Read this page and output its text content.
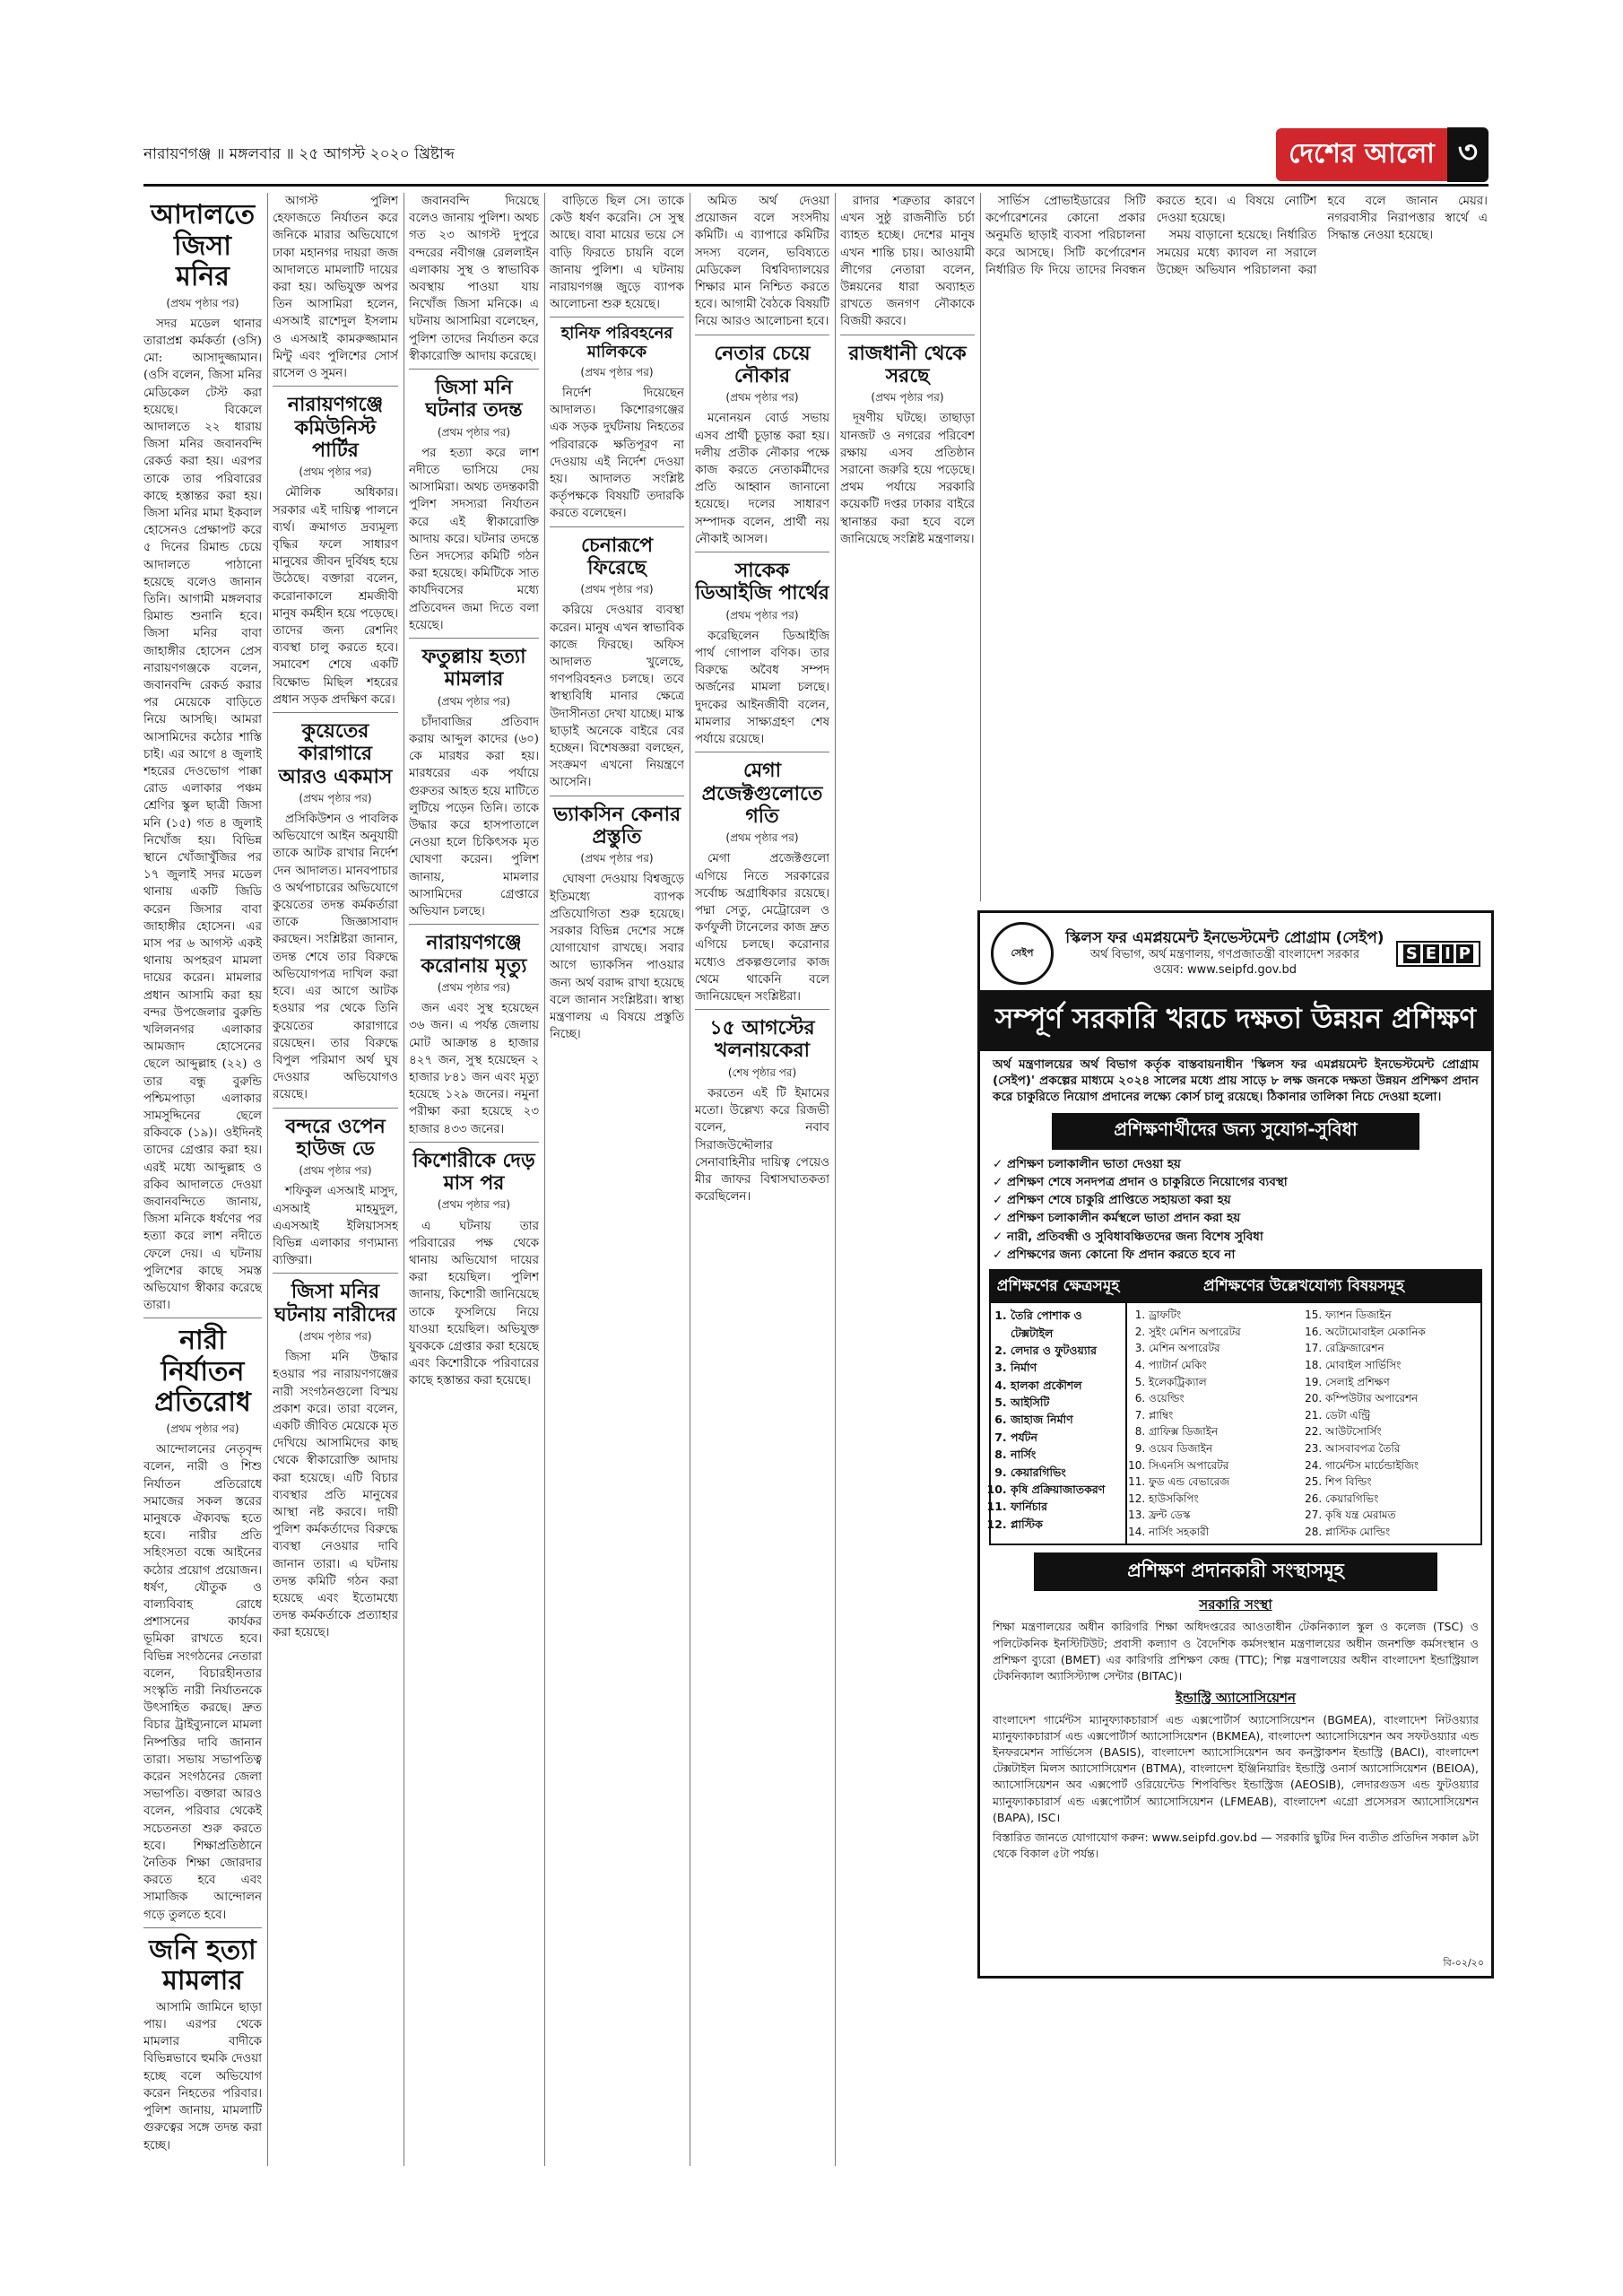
নারায়ণগঞ্জ ॥ মঙ্গলবার ॥ ২৫ আগস্ট ২০২০ খ্রিষ্টাব্দ	দেশের আলো ৩
আদালতে জিসা মনির
(প্রথম পৃষ্ঠার পর)

সদর মডেল থানার তারাপ্রশ্ন কর্মকর্তা (ওসি) মো: আসাদুজ্জামান। (ওসি বলেন, জিসা মনির মেডিকেল টেস্ট করা হয়েছে। বিকেলে আদালতে ২২ ধারায় জিসা মনির জবানবন্দি রেকর্ড করা হয়। এরপর তাকে তার পরিবারের কাছে হস্তান্তর করা হয়। জিসা মনির মামা ইকবাল হোসেনও প্রেক্ষাপট করে ৫ দিনের রিমান্ড চেয়ে আদালতে পাঠানো হয়েছে বলেও জানান তিনি। আগামী মঙ্গলবার রিমান্ড শুনানি হবে। জিসা মনির বাবা জাহাঙ্গীর হোসেন প্রেস নারায়ণগঞ্জকে বলেন, জবানবন্দি রেকর্ড করার পর মেয়েকে বাড়িতে নিয়ে আসছি। আমরা আসামিদের কঠোর শাস্তি চাই। এর আগে ৪ জুলাই শহরের দেওভোগ পাক্কা রোড এলাকার পঞ্চম শ্রেণির স্কুল ছাত্রী জিসা মনি (১৫) গত ৪ জুলাই নিখোঁজ হয়। বিভিন্ন স্থানে খোঁজাখুঁজির পর ১৭ জুলাই সদর মডেল থানায় একটি জিডি করেন জিসার বাবা জাহাঙ্গীর হোসেন। এর মাস পর ৬ আগস্ট একই থানায় অপহরণ মামলা দায়ের করেন। মামলার প্রধান আসামি করা হয় বন্দর উপজেলার বুরুন্ডি খলিলনগর এলাকার আমজাদ হোসেনের ছেলে আব্দুল্লাহ (২২) ও তার বন্ধু বুরুন্ডি পশ্চিমপাড়া এলাকার সামসুদ্দিনের ছেলে রকিবকে (১৯)। ওইদিনই তাদের গ্রেপ্তার করা হয়। এরই মধ্যে আব্দুল্লাহ ও রকিব আদালতে দেওয়া জবানবন্দিতে জানায়, জিসা মনিকে ধর্ষণের পর হত্যা করে লাশ নদীতে ফেলে দেয়। এ ঘটনায় পুলিশের কাছে সমস্ত অভিযোগ স্বীকার করেছে তারা।

নারী নির্যাতন প্রতিরোধ
(প্রথম পৃষ্ঠার পর)

আন্দোলনের নেতৃবৃন্দ বলেন, নারী ও শিশু নির্যাতন প্রতিরোধে সমাজের সকল স্তরের মানুষকে ঐক্যবদ্ধ হতে হবে। নারীর প্রতি সহিংসতা বন্ধে আইনের কঠোর প্রয়োগ প্রয়োজন। ধর্ষণ, যৌতুক ও বাল্যবিবাহ রোধে প্রশাসনের কার্যকর ভূমিকা রাখতে হবে। বিভিন্ন সংগঠনের নেতারা বলেন, বিচারহীনতার সংস্কৃতি নারী নির্যাতনকে উৎসাহিত করছে। দ্রুত বিচার ট্রাইব্যুনালে মামলা নিষ্পত্তির দাবি জানান তারা। সভায় সভাপতিত্ব করেন সংগঠনের জেলা সভাপতি। বক্তারা আরও বলেন, পরিবার থেকেই সচেতনতা শুরু করতে হবে। শিক্ষাপ্রতিষ্ঠানে নৈতিক শিক্ষা জোরদার করতে হবে এবং সামাজিক আন্দোলন গড়ে তুলতে হবে।

জনি হত্যা মামলার

আসামি জামিনে ছাড়া পায়। এরপর থেকে মামলার বাদীকে বিভিন্নভাবে হুমকি দেওয়া হচ্ছে বলে অভিযোগ করেন নিহতের পরিবার। পুলিশ জানায়, মামলাটি গুরুত্বের সঙ্গে তদন্ত করা হচ্ছে।

আগস্ট পুলিশ হেফাজতে নির্যাতন করে জনিকে মারার অভিযোগে ঢাকা মহানগর দায়রা জজ আদালতে মামলাটি দায়ের করা হয়। অভিযুক্ত অপর তিন আসামিরা হলেন, এসআই রাশেদুল ইসলাম ও এসআই কামরুজ্জামান মিন্টু এবং পুলিশের সোর্স রাসেল ও সুমন।

নারায়ণগঞ্জে কমিউনিস্ট পার্টির
(প্রথম পৃষ্ঠার পর)

মৌলিক অধিকার। সরকার এই দায়িত্ব পালনে ব্যর্থ। ক্রমাগত দ্রব্যমূল্য বৃদ্ধির ফলে সাধারণ মানুষের জীবন দুর্বিষহ হয়ে উঠেছে। বক্তারা বলেন, করোনাকালে শ্রমজীবী মানুষ কর্মহীন হয়ে পড়েছে। তাদের জন্য রেশনিং ব্যবস্থা চালু করতে হবে। সমাবেশ শেষে একটি বিক্ষোভ মিছিল শহরের প্রধান সড়ক প্রদক্ষিণ করে।

কুয়েতের কারাগারে আরও একমাস
(প্রথম পৃষ্ঠার পর)

প্রসিকিউশন ও পাবলিক অভিযোগে আইন অনুযায়ী তাকে আটক রাখার নির্দেশ দেন আদালত। মানবপাচার ও অর্থপাচারের অভিযোগে কুয়েতের তদন্ত কর্মকর্তারা তাকে জিজ্ঞাসাবাদ করছেন। সংশ্লিষ্টরা জানান, তদন্ত শেষে তার বিরুদ্ধে অভিযোগপত্র দাখিল করা হবে। এর আগে আটক হওয়ার পর থেকে তিনি কুয়েতের কারাগারে রয়েছেন। তার বিরুদ্ধে বিপুল পরিমাণ অর্থ ঘুষ দেওয়ার অভিযোগও রয়েছে।

বন্দরে ওপেন হাউজ ডে
(প্রথম পৃষ্ঠার পর)

শফিকুল এসআই মাসুদ, এসআই মাহমুদুল, এএসআই ইলিয়াসসহ বিভিন্ন এলাকার গণ্যমান্য ব্যক্তিরা।

জিসা মনির ঘটনায় নারীদের
(প্রথম পৃষ্ঠার পর)

জিসা মনি উদ্ধার হওয়ার পর নারায়ণগঞ্জের নারী সংগঠনগুলো বিস্ময় প্রকাশ করে। তারা বলেন, একটি জীবিত মেয়েকে মৃত দেখিয়ে আসামিদের কাছ থেকে স্বীকারোক্তি আদায় করা হয়েছে। এটি বিচার ব্যবস্থার প্রতি মানুষের আস্থা নষ্ট করবে। দায়ী পুলিশ কর্মকর্তাদের বিরুদ্ধে ব্যবস্থা নেওয়ার দাবি জানান তারা। এ ঘটনায় তদন্ত কমিটি গঠন করা হয়েছে এবং ইতোমধ্যে তদন্ত কর্মকর্তাকে প্রত্যাহার করা হয়েছে।

জবানবন্দি দিয়েছে বলেও জানায় পুলিশ। অথচ গত ২৩ আগস্ট দুপুরে বন্দরের নবীগঞ্জ রেললাইন এলাকায় সুস্থ ও স্বাভাবিক অবস্থায় পাওয়া যায় নিখোঁজ জিসা মনিকে। এ ঘটনায় আসামিরা বলেছেন, পুলিশ তাদের নির্যাতন করে স্বীকারোক্তি আদায় করেছে।

জিসা মনি ঘটনার তদন্ত
(প্রথম পৃষ্ঠার পর)

পর হত্যা করে লাশ নদীতে ভাসিয়ে দেয় আসামিরা। অথচ তদন্তকারী পুলিশ সদস্যরা নির্যাতন করে এই স্বীকারোক্তি আদায় করে। ঘটনার তদন্তে তিন সদস্যের কমিটি গঠন করা হয়েছে। কমিটিকে সাত কার্যদিবসের মধ্যে প্রতিবেদন জমা দিতে বলা হয়েছে।

ফতুল্লায় হত্যা মামলার
(প্রথম পৃষ্ঠার পর)

চাঁদাবাজির প্রতিবাদ করায় আব্দুল কাদের (৬০) কে মারধর করা হয়। মারধরের এক পর্যায়ে গুরুতর আহত হয়ে মাটিতে লুটিয়ে পড়েন তিনি। তাকে উদ্ধার করে হাসপাতালে নেওয়া হলে চিকিৎসক মৃত ঘোষণা করেন। পুলিশ জানায়, মামলার আসামিদের গ্রেপ্তারে অভিযান চলছে।

নারায়ণগঞ্জে করোনায় মৃত্যু
(প্রথম পৃষ্ঠার পর)

জন এবং সুস্থ হয়েছেন ৩৬ জন। এ পর্যন্ত জেলায় মোট আক্রান্ত ৪ হাজার ৪২৭ জন, সুস্থ হয়েছেন ২ হাজার ৮৪১ জন এবং মৃত্যু হয়েছে ১২৯ জনের। নমুনা পরীক্ষা করা হয়েছে ২৩ হাজার ৪৩৩ জনের।

কিশোরীকে দেড় মাস পর
(প্রথম পৃষ্ঠার পর)

এ ঘটনায় তার পরিবারের পক্ষ থেকে থানায় অভিযোগ দায়ের করা হয়েছিল। পুলিশ জানায়, কিশোরী জানিয়েছে তাকে ফুসলিয়ে নিয়ে যাওয়া হয়েছিল। অভিযুক্ত যুবককে গ্রেপ্তার করা হয়েছে এবং কিশোরীকে পরিবারের কাছে হস্তান্তর করা হয়েছে।

বাড়িতে ছিল সে। তাকে কেউ ধর্ষণ করেনি। সে সুস্থ আছে। বাবা মায়ের ভয়ে সে বাড়ি ফিরতে চায়নি বলে জানায় পুলিশ। এ ঘটনায় নারায়ণগঞ্জ জুড়ে ব্যাপক আলোচনা শুরু হয়েছে।

হানিফ পরিবহনের মালিককে
(প্রথম পৃষ্ঠার পর)

নির্দেশ দিয়েছেন আদালত। কিশোরগঞ্জের এক সড়ক দুর্ঘটনায় নিহতের পরিবারকে ক্ষতিপূরণ না দেওয়ায় এই নির্দেশ দেওয়া হয়। আদালত সংশ্লিষ্ট কর্তৃপক্ষকে বিষয়টি তদারকি করতে বলেছেন।

চেনারূপে ফিরেছে
(প্রথম পৃষ্ঠার পর)

করিয়ে দেওয়ার ব্যবস্থা করেন। মানুষ এখন স্বাভাবিক কাজে ফিরছে। অফিস আদালত খুলেছে, গণপরিবহনও চলছে। তবে স্বাস্থ্যবিধি মানার ক্ষেত্রে উদাসীনতা দেখা যাচ্ছে। মাস্ক ছাড়াই অনেকে বাইরে বের হচ্ছেন। বিশেষজ্ঞরা বলছেন, সংক্রমণ এখনো নিয়ন্ত্রণে আসেনি।

ভ্যাকসিন কেনার প্রস্তুতি
(প্রথম পৃষ্ঠার পর)

ঘোষণা দেওয়ায় বিশ্বজুড়ে ইতিমধ্যে ব্যাপক প্রতিযোগিতা শুরু হয়েছে। সরকার বিভিন্ন দেশের সঙ্গে যোগাযোগ রাখছে। সবার আগে ভ্যাকসিন পাওয়ার জন্য অর্থ বরাদ্দ রাখা হয়েছে বলে জানান সংশ্লিষ্টরা। স্বাস্থ্য মন্ত্রণালয় এ বিষয়ে প্রস্তুতি নিচ্ছে।

অমিত অর্থ দেওয়া প্রয়োজন বলে সংসদীয় কমিটি। এ ব্যাপারে কমিটির সদস্য বলেন, ভবিষ্যতে মেডিকেল বিশ্ববিদ্যালয়ের শিক্ষার মান নিশ্চিত করতে হবে। আগামী বৈঠকে বিষয়টি নিয়ে আরও আলোচনা হবে।

নেতার চেয়ে নৌকার
(প্রথম পৃষ্ঠার পর)

মনোনয়ন বোর্ড সভায় এসব প্রার্থী চূড়ান্ত করা হয়। দলীয় প্রতীক নৌকার পক্ষে কাজ করতে নেতাকর্মীদের প্রতি আহ্বান জানানো হয়েছে। দলের সাধারণ সম্পাদক বলেন, প্রার্থী নয় নৌকাই আসল।

সাকেক ডিআইজি পার্থের
(প্রথম পৃষ্ঠার পর)

করেছিলেন ডিআইজি পার্থ গোপাল বণিক। তার বিরুদ্ধে অবৈধ সম্পদ অর্জনের মামলা চলছে। দুদকের আইনজীবী বলেন, মামলার সাক্ষ্যগ্রহণ শেষ পর্যায়ে রয়েছে।

মেগা প্রজেক্টগুলোতে গতি
(প্রথম পৃষ্ঠার পর)

মেগা প্রজেক্টগুলো এগিয়ে নিতে সরকারের সর্বোচ্চ অগ্রাধিকার রয়েছে। পদ্মা সেতু, মেট্রোরেল ও কর্ণফুলী টানেলের কাজ দ্রুত এগিয়ে চলছে। করোনার মধ্যেও প্রকল্পগুলোর কাজ থেমে থাকেনি বলে জানিয়েছেন সংশ্লিষ্টরা।

১৫ আগস্টের খলনায়কেরা
(শেষ পৃষ্ঠার পর)

করতেন এই টি ইমামের মতো। উল্লেখ্য করে রিজভী বলেন, নবাব সিরাজউদ্দৌলার সেনাবাহিনীর দায়িত্ব পেয়েও মীর জাফর বিশ্বাসঘাতকতা করেছিলেন।

রাদার শত্রুতার কারণে এখন সুষ্ঠু রাজনীতি চর্চা ব্যাহত হচ্ছে। দেশের মানুষ এখন শান্তি চায়। আওয়ামী লীগের নেতারা বলেন, উন্নয়নের ধারা অব্যাহত রাখতে জনগণ নৌকাকে বিজয়ী করবে।

রাজধানী থেকে সরছে
(প্রথম পৃষ্ঠার পর)

দূষণীয় ঘটছে। তাছাড়া যানজট ও নগরের পরিবেশ রক্ষায় এসব প্রতিষ্ঠান সরানো জরুরি হয়ে পড়েছে। প্রথম পর্যায়ে সরকারি কয়েকটি দপ্তর ঢাকার বাইরে স্থানান্তর করা হবে বলে জানিয়েছে সংশ্লিষ্ট মন্ত্রণালয়।

সার্ভিস প্রোভাইডারের সিটি কর্পোরেশনের কোনো প্রকার অনুমতি ছাড়াই ব্যবসা পরিচালনা করে আসছে। সিটি কর্পোরেশন নির্ধারিত ফি দিয়ে তাদের নিবন্ধন করতে হবে। এ বিষয়ে নোটিশ দেওয়া হয়েছে।

সময় বাড়ানো হয়েছে। নির্ধারিত সময়ের মধ্যে ক্যাবল না সরালে উচ্ছেদ অভিযান পরিচালনা করা হবে বলে জানান মেয়র। নগরবাসীর নিরাপত্তার স্বার্থে এ সিদ্ধান্ত নেওয়া হয়েছে।

সেইপ
স্কিলস ফর এমপ্লয়মেন্ট ইনভেস্টমেন্ট প্রোগ্রাম (সেইপ)
অর্থ বিভাগ, অর্থ মন্ত্রণালয়, গণপ্রজাতন্ত্রী বাংলাদেশ সরকার
ওয়েব: www.seipfd.gov.bd
S E I P
সম্পূর্ণ সরকারি খরচে দক্ষতা উন্নয়ন প্রশিক্ষণ
অর্থ মন্ত্রণালয়ের অর্থ বিভাগ কর্তৃক বাস্তবায়নাধীন 'স্কিলস ফর এমপ্লয়মেন্ট ইনভেস্টমেন্ট প্রোগ্রাম (সেইপ)' প্রকল্পের মাধ্যমে ২০২৪ সালের মধ্যে প্রায় সাড়ে ৮ লক্ষ জনকে দক্ষতা উন্নয়ন প্রশিক্ষণ প্রদান করে চাকুরিতে নিয়োগ প্রদানের লক্ষ্যে কোর্স চালু রয়েছে। ঠিকানার তালিকা নিচে দেওয়া হলো।
প্রশিক্ষণার্থীদের জন্য সুযোগ-সুবিধা
✓ প্রশিক্ষণ চলাকালীন ভাতা দেওয়া হয়
✓ প্রশিক্ষণ শেষে সনদপত্র প্রদান ও চাকুরিতে নিয়োগের ব্যবস্থা
✓ প্রশিক্ষণ শেষে চাকুরি প্রাপ্তিতে সহায়তা করা হয়
✓ প্রশিক্ষণ চলাকালীন কর্মস্থলে ভাতা প্রদান করা হয়
✓ নারী, প্রতিবন্ধী ও সুবিধাবঞ্চিতদের জন্য বিশেষ সুবিধা
✓ প্রশিক্ষণের জন্য কোনো ফি প্রদান করতে হবে না
প্রশিক্ষণের ক্ষেত্রসমূহ
1. তৈরি পোশাক ও টেক্সটাইল
2. লেদার ও ফুটওয়্যার
3. নির্মাণ
4. হালকা প্রকৌশল
5. আইসিটি
6. জাহাজ নির্মাণ
7. পর্যটন
8. নার্সিং
9. কেয়ারগিভিং
10. কৃষি প্রক্রিয়াজাতকরণ
11. ফার্নিচার
12. প্লাস্টিক
প্রশিক্ষণের উল্লেখযোগ্য বিষয়সমূহ
1. ড্রাফটিং
2. সুইং মেশিন অপারেটর
3. মেশিন অপারেটর
4. প্যাটার্ন মেকিং
5. ইলেকট্রিক্যাল
6. ওয়েল্ডিং
7. প্লাম্বিং
8. গ্রাফিক্স ডিজাইন
9. ওয়েব ডিজাইন
10. সিএনসি অপারেটর
11. ফুড এন্ড বেভারেজ
12. হাউসকিপিং
13. ফ্রন্ট ডেস্ক
14. নার্সিং সহকারী
15. ফ্যাশন ডিজাইন
16. অটোমোবাইল মেকানিক
17. রেফ্রিজারেশন
18. মোবাইল সার্ভিসিং
19. সেলাই প্রশিক্ষণ
20. কম্পিউটার অপারেশন
21. ডেটা এন্ট্রি
22. আউটসোর্সিং
23. আসবাবপত্র তৈরি
24. গার্মেন্টস মার্চেন্ডাইজিং
25. শিপ বিল্ডিং
26. কেয়ারগিভিং
27. কৃষি যন্ত্র মেরামত
28. প্লাস্টিক মোল্ডিং
প্রশিক্ষণ প্রদানকারী সংস্থাসমূহ
সরকারি সংস্থা

শিক্ষা মন্ত্রণালয়ের অধীন কারিগরি শিক্ষা অধিদপ্তরের আওতাধীন টেকনিক্যাল স্কুল ও কলেজ (TSC) ও পলিটেকনিক ইনস্টিটিউট; প্রবাসী কল্যাণ ও বৈদেশিক কর্মসংস্থান মন্ত্রণালয়ের অধীন জনশক্তি কর্মসংস্থান ও প্রশিক্ষণ ব্যুরো (BMET) এর কারিগরি প্রশিক্ষণ কেন্দ্র (TTC); শিল্প মন্ত্রণালয়ের অধীন বাংলাদেশ ইন্ডাস্ট্রিয়াল টেকনিক্যাল অ্যাসিস্ট্যান্স সেন্টার (BITAC)।

ইন্ডাস্ট্রি অ্যাসোসিয়েশন

বাংলাদেশ গার্মেন্টস ম্যানুফ্যাকচারার্স এন্ড এক্সপোর্টার্স অ্যাসোসিয়েশন (BGMEA), বাংলাদেশ নিটওয়্যার ম্যানুফ্যাকচারার্স এন্ড এক্সপোর্টার্স অ্যাসোসিয়েশন (BKMEA), বাংলাদেশ অ্যাসোসিয়েশন অব সফটওয়্যার এন্ড ইনফরমেশন সার্ভিসেস (BASIS), বাংলাদেশ অ্যাসোসিয়েশন অব কনস্ট্রাকশন ইন্ডাস্ট্রি (BACI), বাংলাদেশ টেক্সটাইল মিলস অ্যাসোসিয়েশন (BTMA), বাংলাদেশ ইঞ্জিনিয়ারিং ইন্ডাস্ট্রি ওনার্স অ্যাসোসিয়েশন (BEIOA), অ্যাসোসিয়েশন অব এক্সপোর্ট ওরিয়েন্টেড শিপবিল্ডিং ইন্ডাস্ট্রিজ (AEOSIB), লেদারগুডস এন্ড ফুটওয়্যার ম্যানুফ্যাকচারার্স এন্ড এক্সপোর্টার্স অ্যাসোসিয়েশন (LFMEAB), বাংলাদেশ এগ্রো প্রসেসরস অ্যাসোসিয়েশন (BAPA), ISC।

বিস্তারিত জানতে যোগাযোগ করুন: www.seipfd.gov.bd — সরকারি ছুটির দিন ব্যতীত প্রতিদিন সকাল ৯টা থেকে বিকাল ৫টা পর্যন্ত।

বি-০২/২০
